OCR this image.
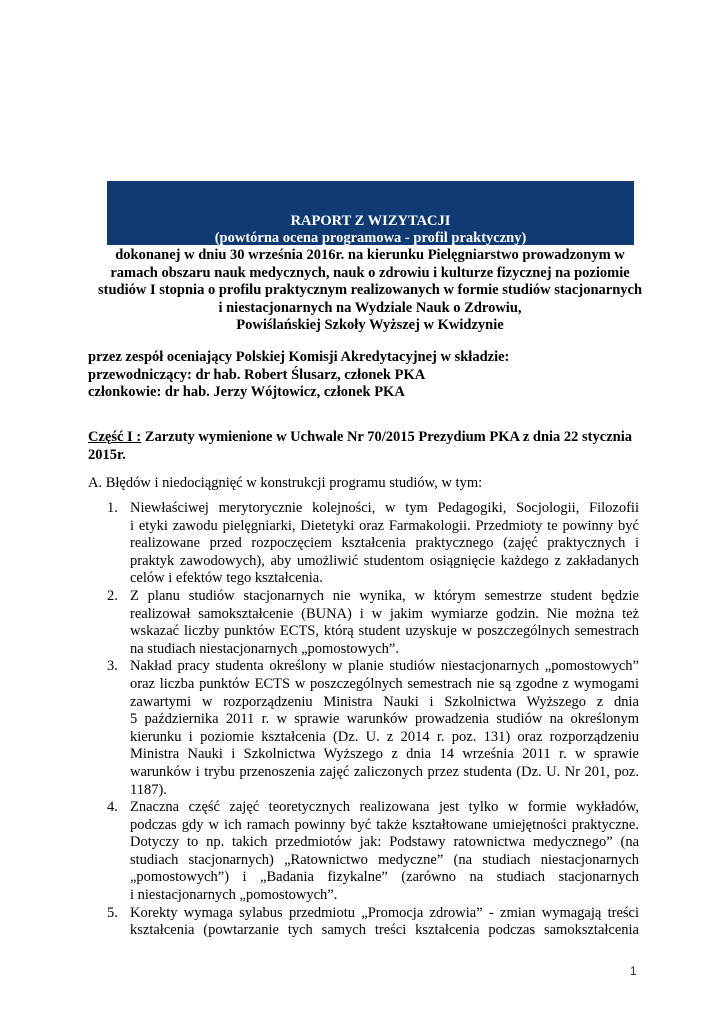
RAPORT Z WIZYTACJI
(powtórna ocena programowa - profil praktyczny)
dokonanej w dniu 30 września 2016r. na kierunku Pielęgniarstwo prowadzonym w
ramach obszaru nauk medycznych, nauk o zdrowiu i kulturze fizycznej na poziomie
studiów I stopnia o profilu praktycznym realizowanych w formie studiów stacjonarnych
i niestacjonarnych na Wydziale Nauk o Zdrowiu,
Powiślańskiej Szkoły Wyższej w Kwidzynie
przez zespół oceniający Polskiej Komisji Akredytacyjnej w składzie:
przewodniczący: dr hab. Robert Ślusarz, członek PKA
członkowie: dr hab. Jerzy Wójtowicz, członek PKA
Część I : Zarzuty wymienione w Uchwale Nr 70/2015 Prezydium PKA z dnia 22 stycznia 2015r.
A. Błędów i niedociągnięć w konstrukcji programu studiów, w tym:
1. Niewłaściwej merytorycznie kolejności, w tym Pedagogiki, Socjologii, Filozofii
i etyki zawodu pielęgniarki, Dietetyki oraz Farmakologii. Przedmioty te powinny być
realizowane przed rozpoczęciem kształcenia praktycznego (zajęć praktycznych i
praktyk zawodowych), aby umożliwić studentom osiągnięcie każdego z zakładanych
celów i efektów tego kształcenia.
2. Z planu studiów stacjonarnych nie wynika, w którym semestrze student będzie
realizował samokształcenie (BUNA) i w jakim wymiarze godzin. Nie można też
wskazać liczby punktów ECTS, którą student uzyskuje w poszczególnych semestrach
na studiach niestacjonarnych „pomostowych”.
3. Nakład pracy studenta określony w planie studiów niestacjonarnych „pomostowych”
oraz liczba punktów ECTS w poszczególnych semestrach nie są zgodne z wymogami
zawartymi w rozporządzeniu Ministra Nauki i Szkolnictwa Wyższego z dnia
5 października 2011 r. w sprawie warunków prowadzenia studiów na określonym
kierunku i poziomie kształcenia (Dz. U. z 2014 r. poz. 131) oraz rozporządzeniu
Ministra Nauki i Szkolnictwa Wyższego z dnia 14 września 2011 r. w sprawie
warunków i trybu przenoszenia zajęć zaliczonych przez studenta (Dz. U. Nr 201, poz.
1187).
4. Znaczna część zajęć teoretycznych realizowana jest tylko w formie wykładów,
podczas gdy w ich ramach powinny być także kształtowane umiejętności praktyczne.
Dotyczy to np. takich przedmiotów jak: Podstawy ratownictwa medycznego” (na
studiach stacjonarnych) „Ratownictwo medyczne” (na studiach niestacjonarnych
„pomostowych”) i „Badania fizykalne” (zarówno na studiach stacjonarnych
i niestacjonarnych „pomostowych”.
5. Korekty wymaga sylabus przedmiotu „Promocja zdrowia” - zmian wymagają treści
kształcenia (powtarzanie tych samych treści kształcenia podczas samokształcenia
1
